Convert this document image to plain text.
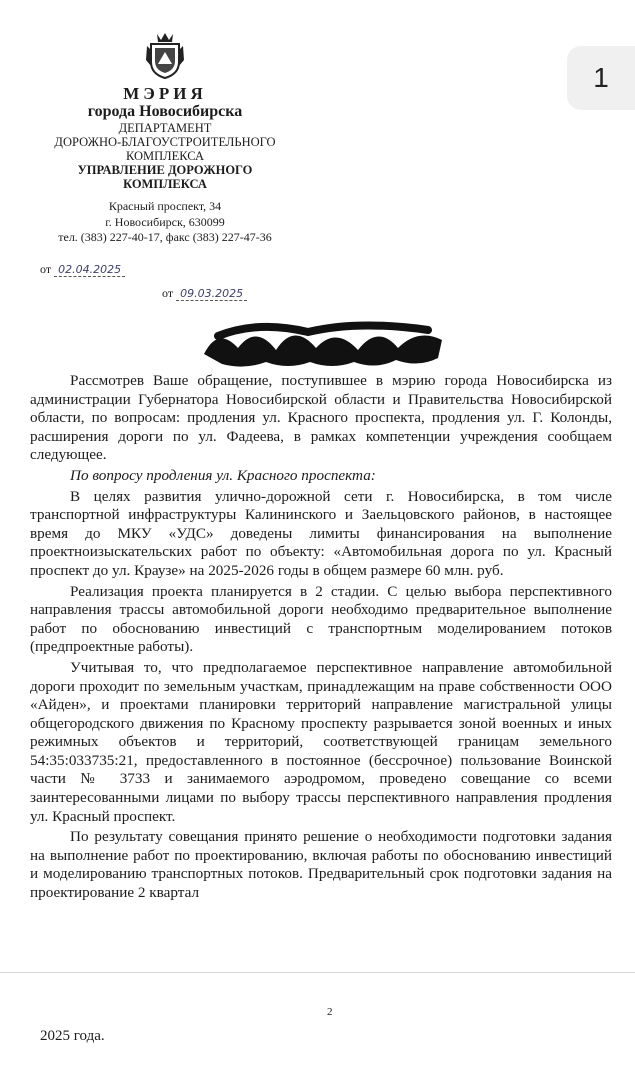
МЭРИЯ
города Новосибирска
ДЕПАРТАМЕНТ
ДОРОЖНО-БЛАГОУСТРОИТЕЛЬНОГО
КОМПЛЕКСА
УПРАВЛЕНИЕ ДОРОЖНОГО
КОМПЛЕКСА
Красный проспект, 34
г. Новосибирск, 630099
тел. (383) 227-40-17, факс (383) 227-47-36
от 02.04.2025
от 09.03.2025
1

Рассмотрев Ваше обращение, поступившее в мэрию города Новосибирска из администрации Губернатора Новосибирской области и Правительства Новосибирской области, по вопросам: продления ул. Красного проспекта, продления ул. Г. Колонды, расширения дороги по ул. Фадеева, в рамках компетенции учреждения сообщаем следующее.

По вопросу продления ул. Красного проспекта:

В целях развития улично-дорожной сети г. Новосибирска, в том числе транспортной инфраструктуры Калининского и Заельцовского районов, в настоящее время до МКУ «УДС» доведены лимиты финансирования на выполнение проектноизыскательских работ по объекту: «Автомобильная дорога по ул. Красный проспект до ул. Краузе» на 2025-2026 годы в общем размере 60 млн. руб.

Реализация проекта планируется в 2 стадии. С целью выбора перспективного направления трассы автомобильной дороги необходимо предварительное выполнение работ по обоснованию инвестиций с транспортным моделированием потоков (предпроектные работы).

Учитывая то, что предполагаемое перспективное направление автомобильной дороги проходит по земельным участкам, принадлежащим на праве собственности ООО «Айден», и проектами планировки территорий направление магистральной улицы общегородского движения по Красному проспекту разрывается зоной военных и иных режимных объектов и территорий, соответствующей границам земельного 54:35:033735:21, предоставленного в постоянное (бессрочное) пользование Воинской части № 3733 и занимаемого аэродромом, проведено совещание со всеми заинтересованными лицами по выбору трассы перспективного направления продления ул. Красный проспект.

По результату совещания принято решение о необходимости подготовки задания на выполнение работ по проектированию, включая работы по обоснованию инвестиций и моделированию транспортных потоков. Предварительный срок подготовки задания на проектирование 2 квартал

2
2025 года.
